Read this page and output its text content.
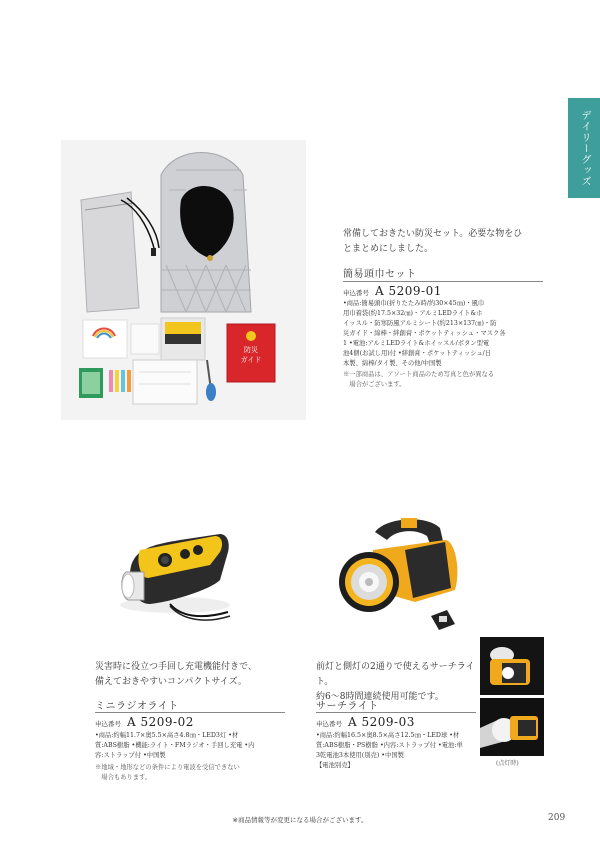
デイリーグッズ
防災
ガイド
常備しておきたい防災セット。必要な物をひ
とまとめにしました。
簡易頭巾セット
申込番号 A 5209-01
•商品:簡易頭巾(折りたたみ時/約30×45㎝)・風巾
用巾着袋(約17.5×32㎝)・アルミLEDライト&ホ
イッスル・防寒防風アルミシート(約213×137㎝)・防
災ガイド・綿棒・絆創膏・ポケットティッシュ・マスク各
1 •電池:アルミLEDライト&ホイッスル/ボタン型電
池4個(お試し用)付 •絆創膏・ポケットティッシュ/日
本製、綿棒/タイ製、その他/中国製
※一部商品は、アソート商品のため写真と色が異なる
　場合がございます。
災害時に役立つ手回し充電機能付きで、
備えておきやすいコンパクトサイズ。
ミニラジオライト
申込番号 A 5209-02
•商品:約幅11.7×奥5.5×高さ4.8㎝・LED3灯 •材
質:ABS樹脂 •機能:ライト・FMラジオ・手回し充電 •内
容:ストラップ付 •中国製
※地域・地形などの条件により電波を受信できない
　場合もあります。
(点灯時)
前灯と側灯の2通りで使えるサーチライト。
約6～8時間連続使用可能です。
サーチライト
申込番号 A 5209-03
•商品:約幅16.5×奥8.5×高さ12.5㎝・LED球 •材
質:ABS樹脂・PS樹脂 •内容:ストラップ付 •電池:単
3乾電池3本使用(別売) •中国製
【電池別売】
※商品情報等が変更になる場合がございます。	209
